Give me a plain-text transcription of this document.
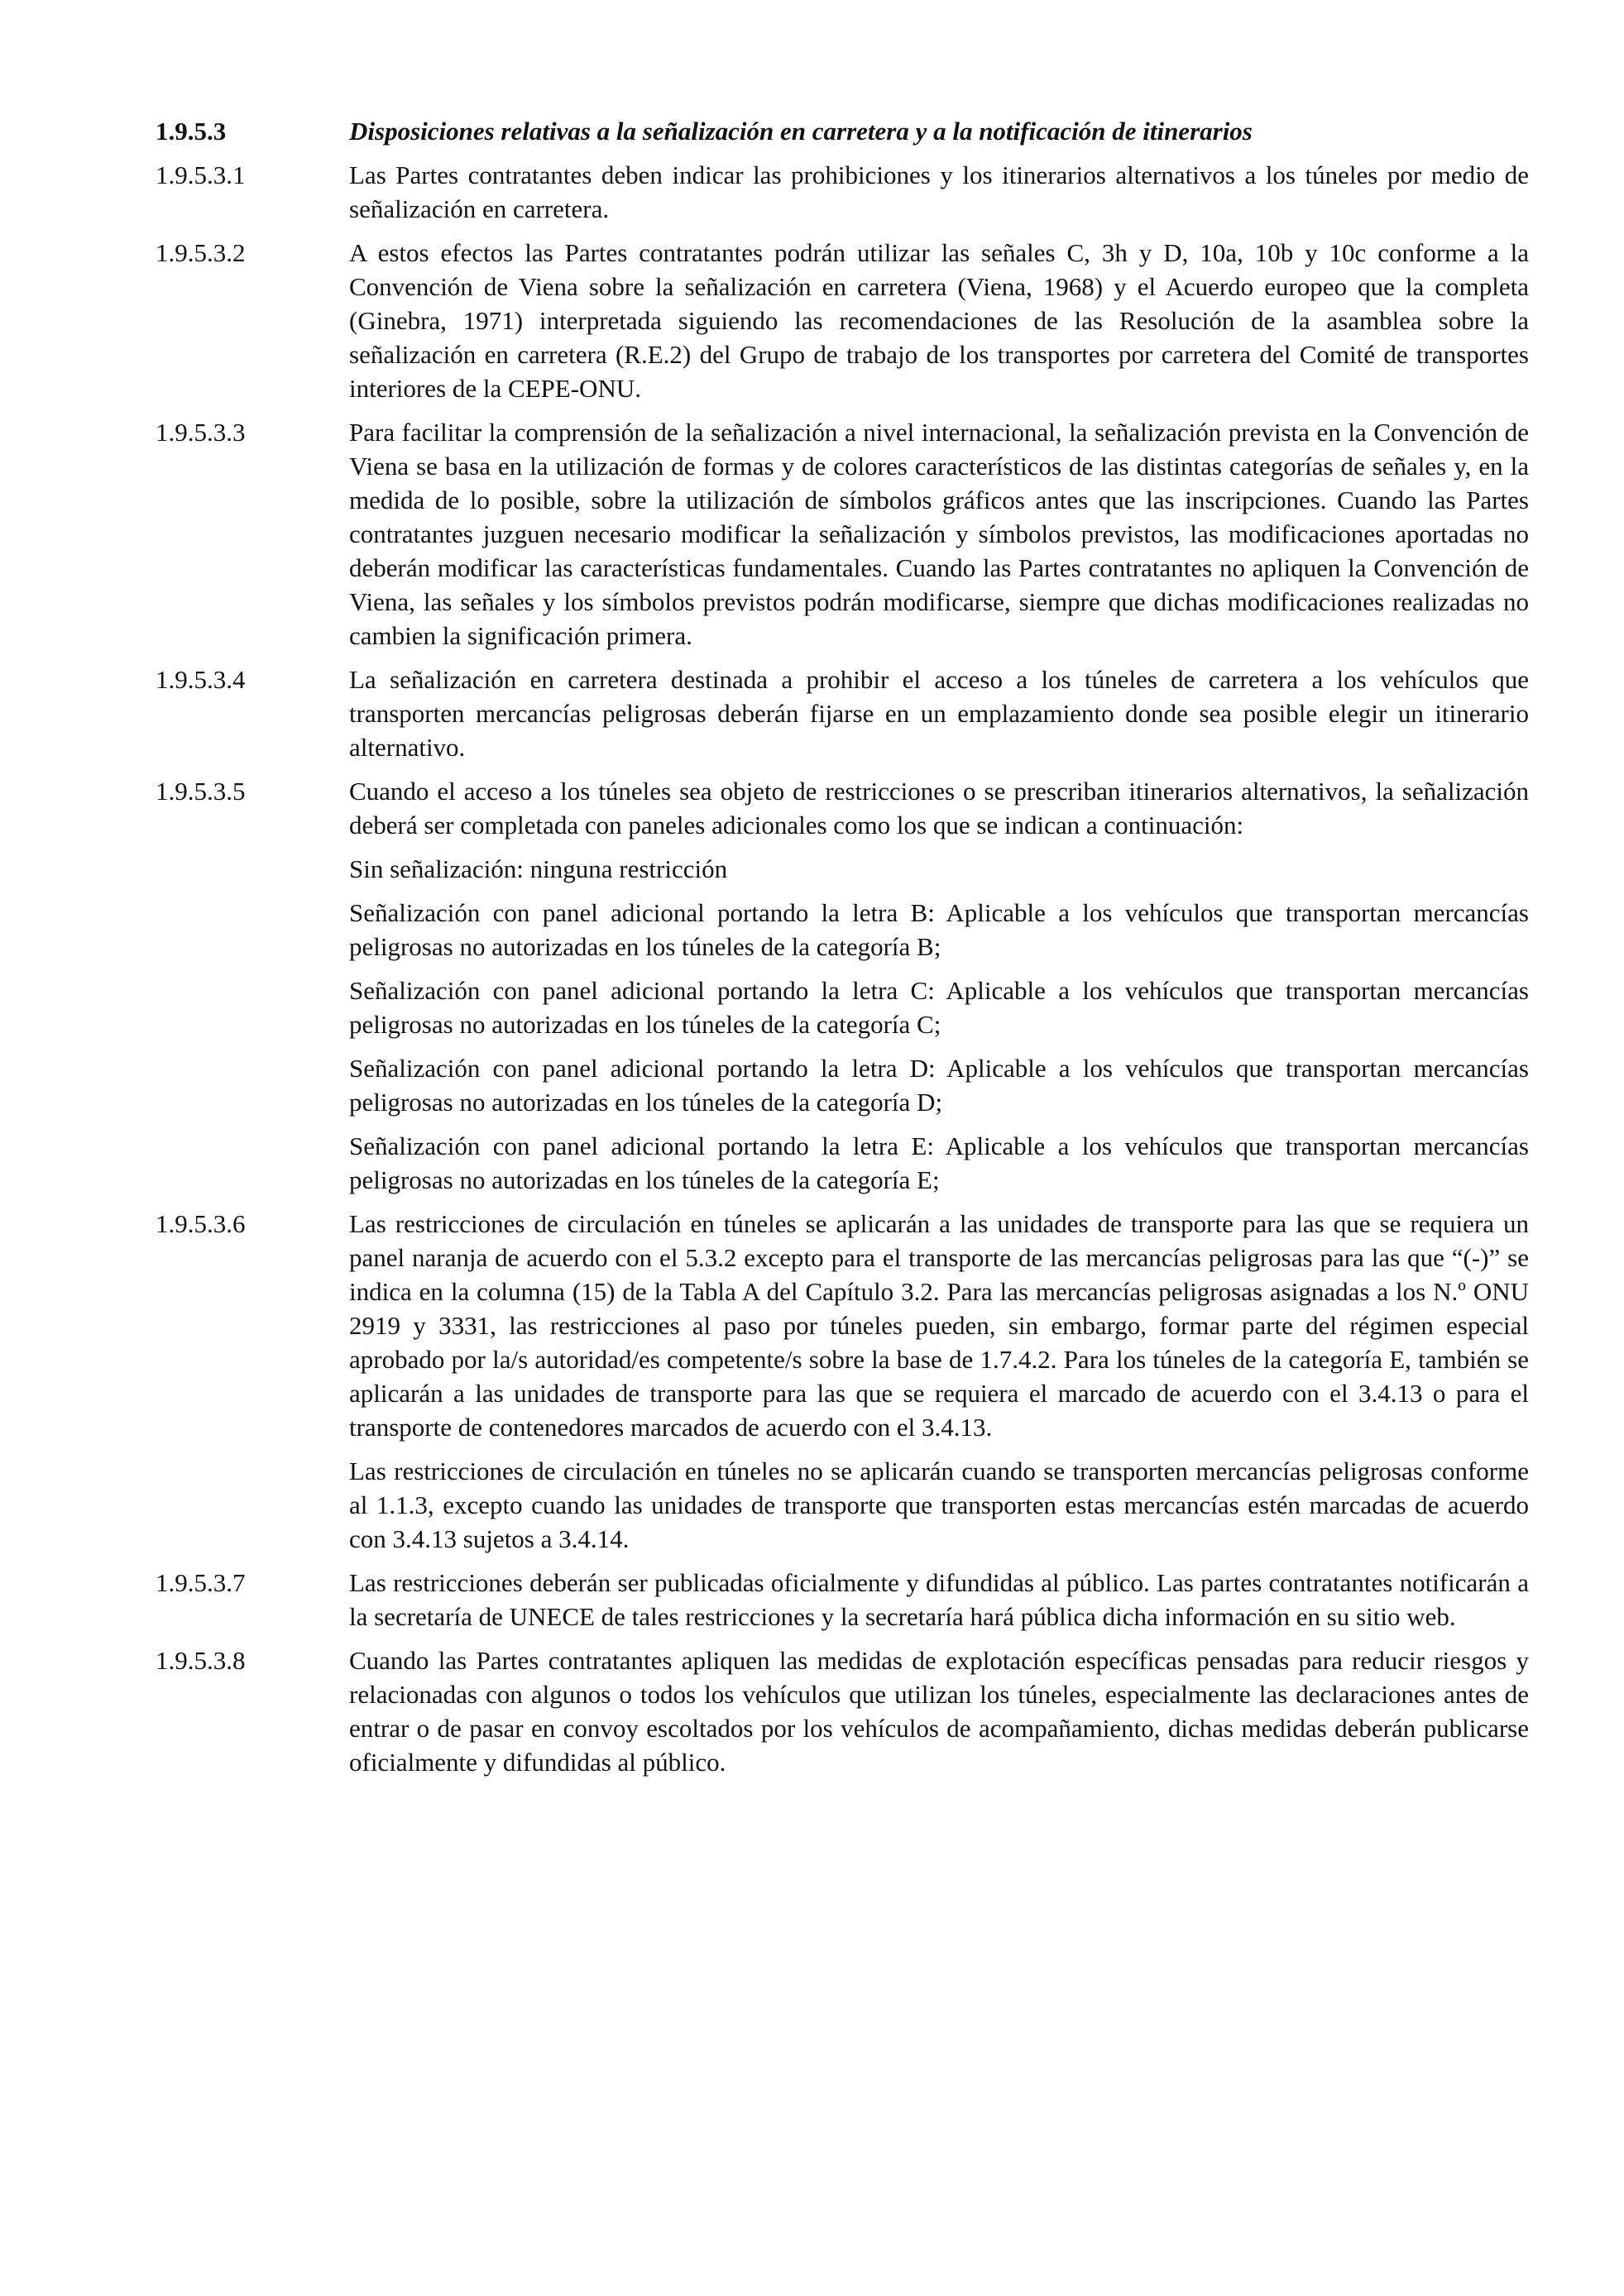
1.9.5.3	Disposiciones relativas a la señalización en carretera y a la notificación de itinerarios
1.9.5.3.1	Las Partes contratantes deben indicar las prohibiciones y los itinerarios alternativos a los túneles por medio de señalización en carretera.

1.9.5.3.2	A estos efectos las Partes contratantes podrán utilizar las señales C, 3h y D, 10a, 10b y 10c conforme a la Convención de Viena sobre la señalización en carretera (Viena, 1968) y el Acuerdo europeo que la completa (Ginebra, 1971) interpretada siguiendo las recomendaciones de las Resolución de la asamblea sobre la señalización en carretera (R.E.2) del Grupo de trabajo de los transportes por carretera del Comité de transportes interiores de la CEPE-ONU.

1.9.5.3.3	Para facilitar la comprensión de la señalización a nivel internacional, la señalización prevista en la Convención de Viena se basa en la utilización de formas y de colores característicos de las distintas categorías de señales y, en la medida de lo posible, sobre la utilización de símbolos gráficos antes que las inscripciones. Cuando las Partes contratantes juzguen necesario modificar la señalización y símbolos previstos, las modificaciones aportadas no deberán modificar las características fundamentales. Cuando las Partes contratantes no apliquen la Convención de Viena, las señales y los símbolos previstos podrán modificarse, siempre que dichas modificaciones realizadas no cambien la significación primera.

1.9.5.3.4	La señalización en carretera destinada a prohibir el acceso a los túneles de carretera a los vehículos que transporten mercancías peligrosas deberán fijarse en un emplazamiento donde sea posible elegir un itinerario alternativo.

1.9.5.3.5	Cuando el acceso a los túneles sea objeto de restricciones o se prescriban itinerarios alternativos, la señalización deberá ser completada con paneles adicionales como los que se indican a continuación:

Sin señalización: ninguna restricción

Señalización con panel adicional portando la letra B: Aplicable a los vehículos que transportan mercancías peligrosas no autorizadas en los túneles de la categoría B;

Señalización con panel adicional portando la letra C: Aplicable a los vehículos que transportan mercancías peligrosas no autorizadas en los túneles de la categoría C;

Señalización con panel adicional portando la letra D: Aplicable a los vehículos que transportan mercancías peligrosas no autorizadas en los túneles de la categoría D;

Señalización con panel adicional portando la letra E: Aplicable a los vehículos que transportan mercancías peligrosas no autorizadas en los túneles de la categoría E;

1.9.5.3.6	Las restricciones de circulación en túneles se aplicarán a las unidades de transporte para las que se requiera un panel naranja de acuerdo con el 5.3.2 excepto para el transporte de las mercancías peligrosas para las que “(-)” se indica en la columna (15) de la Tabla A del Capítulo 3.2. Para las mercancías peligrosas asignadas a los N.º ONU 2919 y 3331, las restricciones al paso por túneles pueden, sin embargo, formar parte del régimen especial aprobado por la/s autoridad/es competente/s sobre la base de 1.7.4.2. Para los túneles de la categoría E, también se aplicarán a las unidades de transporte para las que se requiera el marcado de acuerdo con el 3.4.13 o para el transporte de contenedores marcados de acuerdo con el 3.4.13.

Las restricciones de circulación en túneles no se aplicarán cuando se transporten mercancías peligrosas conforme al 1.1.3, excepto cuando las unidades de transporte que transporten estas mercancías estén marcadas de acuerdo con 3.4.13 sujetos a 3.4.14.

1.9.5.3.7	Las restricciones deberán ser publicadas oficialmente y difundidas al público. Las partes contratantes notificarán a la secretaría de UNECE de tales restricciones y la secretaría hará pública dicha información en su sitio web.

1.9.5.3.8	Cuando las Partes contratantes apliquen las medidas de explotación específicas pensadas para reducir riesgos y relacionadas con algunos o todos los vehículos que utilizan los túneles, especialmente las declaraciones antes de entrar o de pasar en convoy escoltados por los vehículos de acompañamiento, dichas medidas deberán publicarse oficialmente y difundidas al público.
